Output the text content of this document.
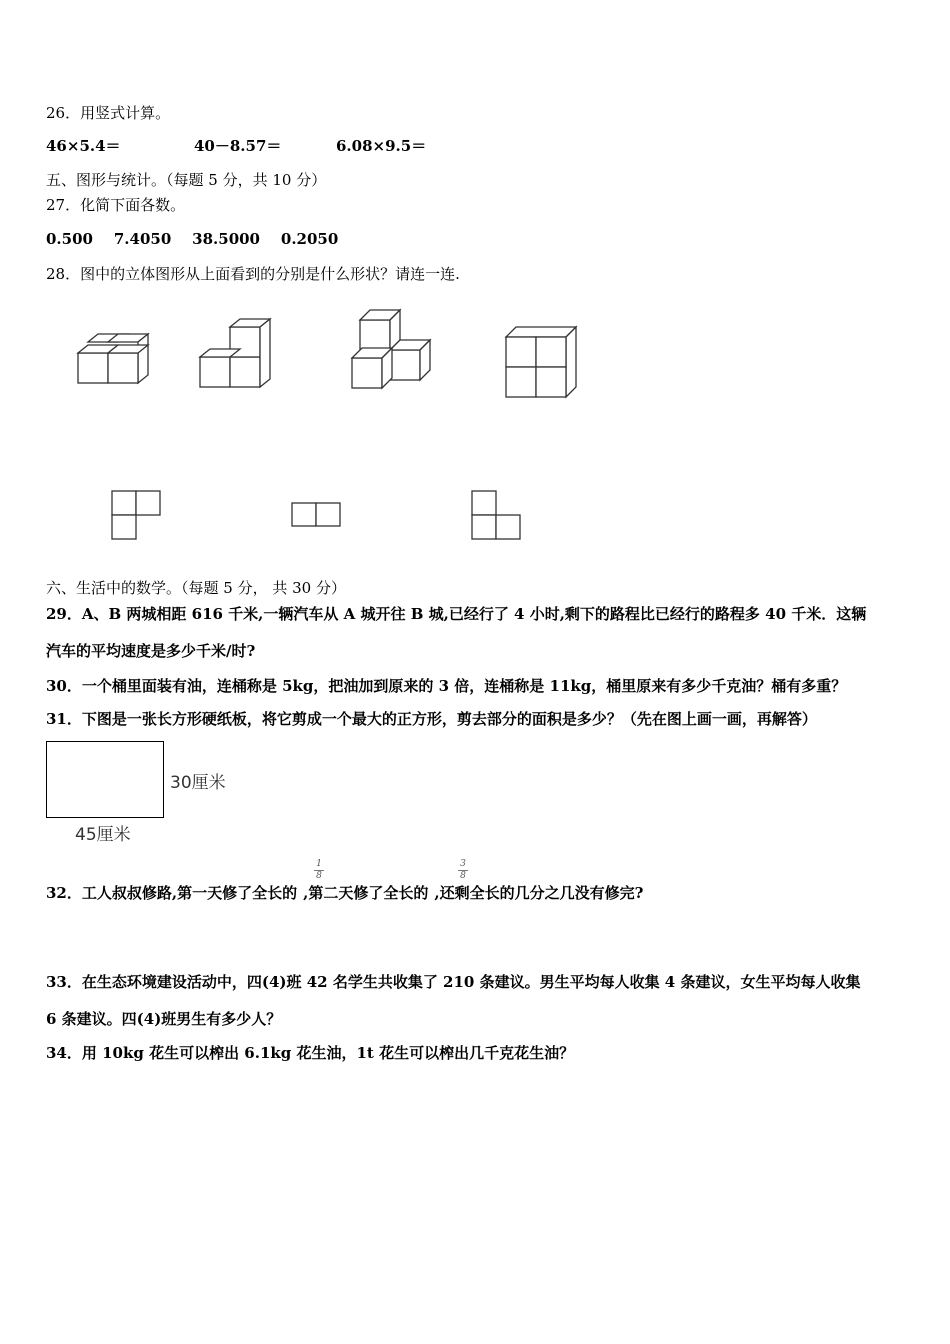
26．用竖式计算。
46×5.4＝	40－8.57＝	6.08×9.5＝
五、图形与统计。（每题 5 分，共 10 分）
27．化简下面各数。
0.500    7.4050    38.5000    0.2050
28．图中的立体图形从上面看到的分别是什么形状？请连一连.
六、生活中的数学。（每题 5 分， 共 30 分）
29．A、B 两城相距 616 千米,一辆汽车从 A 城开往 B 城,已经行了 4 小时,剩下的路程比已经行的路程多 40 千米．这辆
汽车的平均速度是多少千米/时?
30．一个桶里面装有油，连桶称是 5kg，把油加到原来的 3 倍，连桶称是 11kg，桶里原来有多少千克油？桶有多重？
31．下图是一张长方形硬纸板，将它剪成一个最大的正方形，剪去部分的面积是多少？（先在图上画一画，再解答）
30厘米
45厘米
32．工人叔叔修路,第一天修了全长的 ,第二天修了全长的 ,还剩全长的几分之几没有修完?
1
8
3
8
33．在生态环境建设活动中，四(4)班 42 名学生共收集了 210 条建议。男生平均每人收集 4 条建议，女生平均每人收集
6 条建议。四(4)班男生有多少人？
34．用 10kg 花生可以榨出 6.1kg 花生油，1t 花生可以榨出几千克花生油？
